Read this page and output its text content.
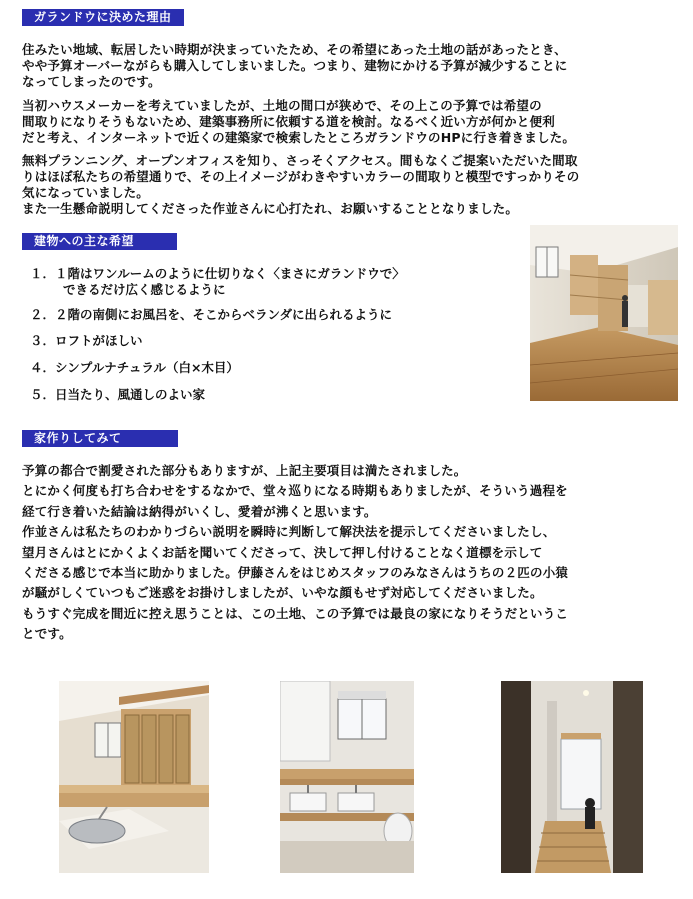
ガランドウに決めた理由
住みたい地域、転居したい時期が決まっていたため、その希望にあった土地の話があったとき、
やや予算オーバーながらも購入してしまいました。つまり、建物にかける予算が減少することに
なってしまったのです。
当初ハウスメーカーを考えていましたが、土地の間口が狭めで、その上この予算では希望の
間取りになりそうもないため、建築事務所に依頼する道を検討。なるべく近い方が何かと便利
だと考え、インターネットで近くの建築家で検索したところガランドウのHPに行き着きました。
無料プランニング、オープンオフィスを知り、さっそくアクセス。間もなくご提案いただいた間取
りはほぼ私たちの希望通りで、その上イメージがわきやすいカラーの間取りと模型ですっかりその
気になっていました。
また一生懸命説明してくださった作並さんに心打たれ、お願いすることとなりました。
建物への主な希望
１．１階はワンルームのように仕切りなく〈まさにガランドウで〉
できるだけ広く感じるように
２．２階の南側にお風呂を、そこからベランダに出られるように
３．ロフトがほしい
４．シンプルナチュラル（白×木目）
５．日当たり、風通しのよい家
家作りしてみて
予算の都合で割愛された部分もありますが、上記主要項目は満たされました。
とにかく何度も打ち合わせをするなかで、堂々巡りになる時期もありましたが、そういう過程を
経て行き着いた結論は納得がいくし、愛着が沸くと思います。
作並さんは私たちのわかりづらい説明を瞬時に判断して解決法を提示してくださいましたし、
望月さんはとにかくよくお話を聞いてくださって、決して押し付けることなく道標を示して
くださる感じで本当に助かりました。伊藤さんをはじめスタッフのみなさんはうちの２匹の小猿
が騒がしくていつもご迷惑をお掛けしましたが、いやな顔もせず対応してくださいました。
もうすぐ完成を間近に控え思うことは、この土地、この予算では最良の家になりそうだというこ
とです。
